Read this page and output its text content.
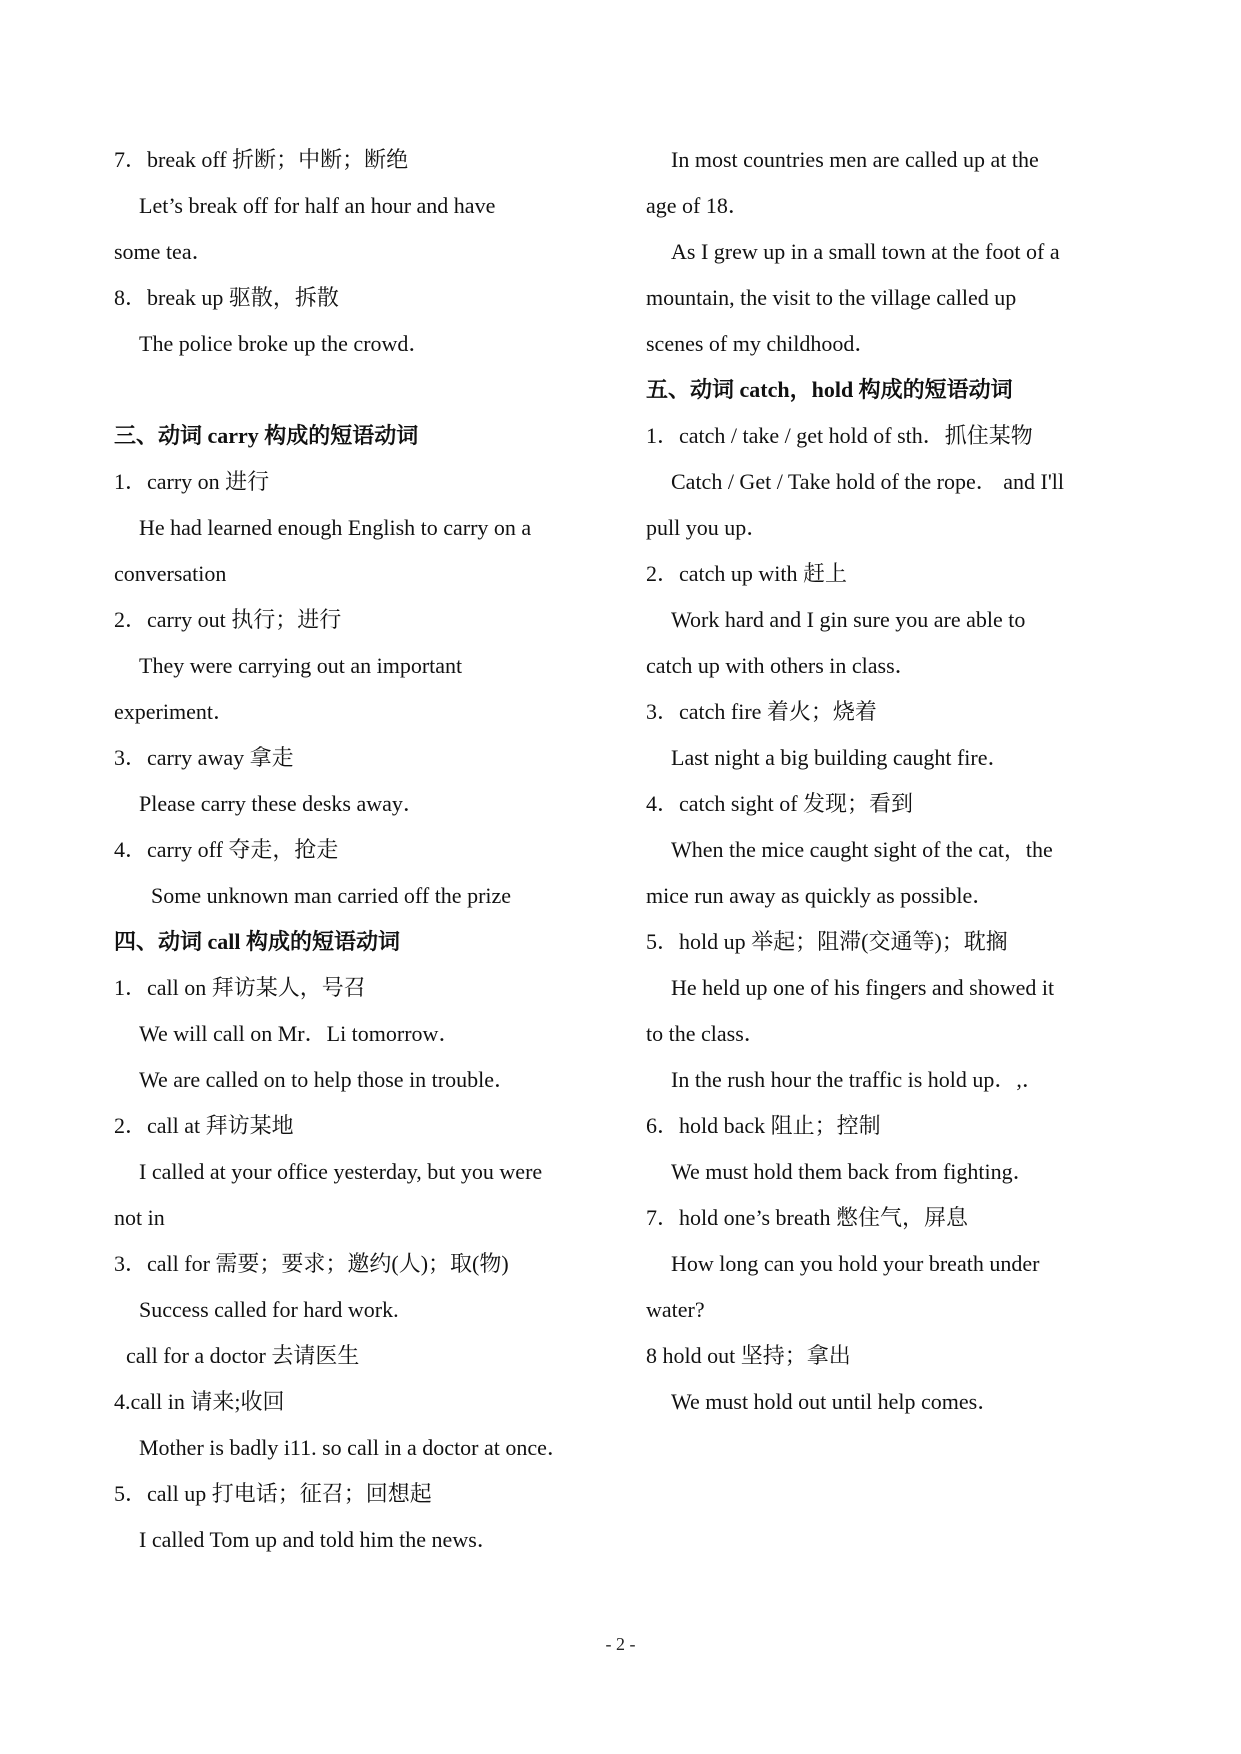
7．break off 折断；中断；断绝
Let’s break off for half an hour and have
some tea．
8．break up 驱散，拆散
The police broke up the crowd．
三、动词 carry 构成的短语动词
1．carry on 进行
He had learned enough English to carry on a
conversation
2．carry out 执行；进行
They were carrying out an important
experiment．
3．carry away 拿走
Please carry these desks away．
4．carry off 夺走，抢走
Some unknown man carried off the prize
四、动词 call 构成的短语动词
1．call on 拜访某人，号召
We will call on Mr．Li tomorrow．
We are called on to help those in trouble．
2．call at 拜访某地
I called at your office yesterday, but you were
not in
3．call for 需要；要求；邀约(人)；取(物)
Success called for hard work.
call for a doctor 去请医生
4.call in 请来;收回
Mother is badly i11. so call in a doctor at once．
5．call up 打电话；征召；回想起
I called Tom up and told him the news．
In most countries men are called up at the
age of 18．
As I grew up in a small town at the foot of a
mountain, the visit to the village called up
scenes of my childhood．
五、动词 catch，hold 构成的短语动词
1．catch / take / get hold of sth．抓住某物
Catch / Get / Take hold of the rope． and I'll
pull you up．
2．catch up with 赶上
Work hard and I gin sure you are able to
catch up with others in class．
3．catch fire 着火；烧着
Last night a big building caught fire．
4．catch sight of 发现；看到
When the mice caught sight of the cat，the
mice run away as quickly as possible．
5．hold up 举起；阻滞(交通等)；耽搁
He held up one of his fingers and showed it
to the class．
In the rush hour the traffic is hold up．,．
6．hold back 阻止；控制
We must hold them back from fighting．
7．hold one’s breath 憋住气，屏息
How long can you hold your breath under
water?
8 hold out 坚持；拿出
We must hold out until help comes．
- 2 -
